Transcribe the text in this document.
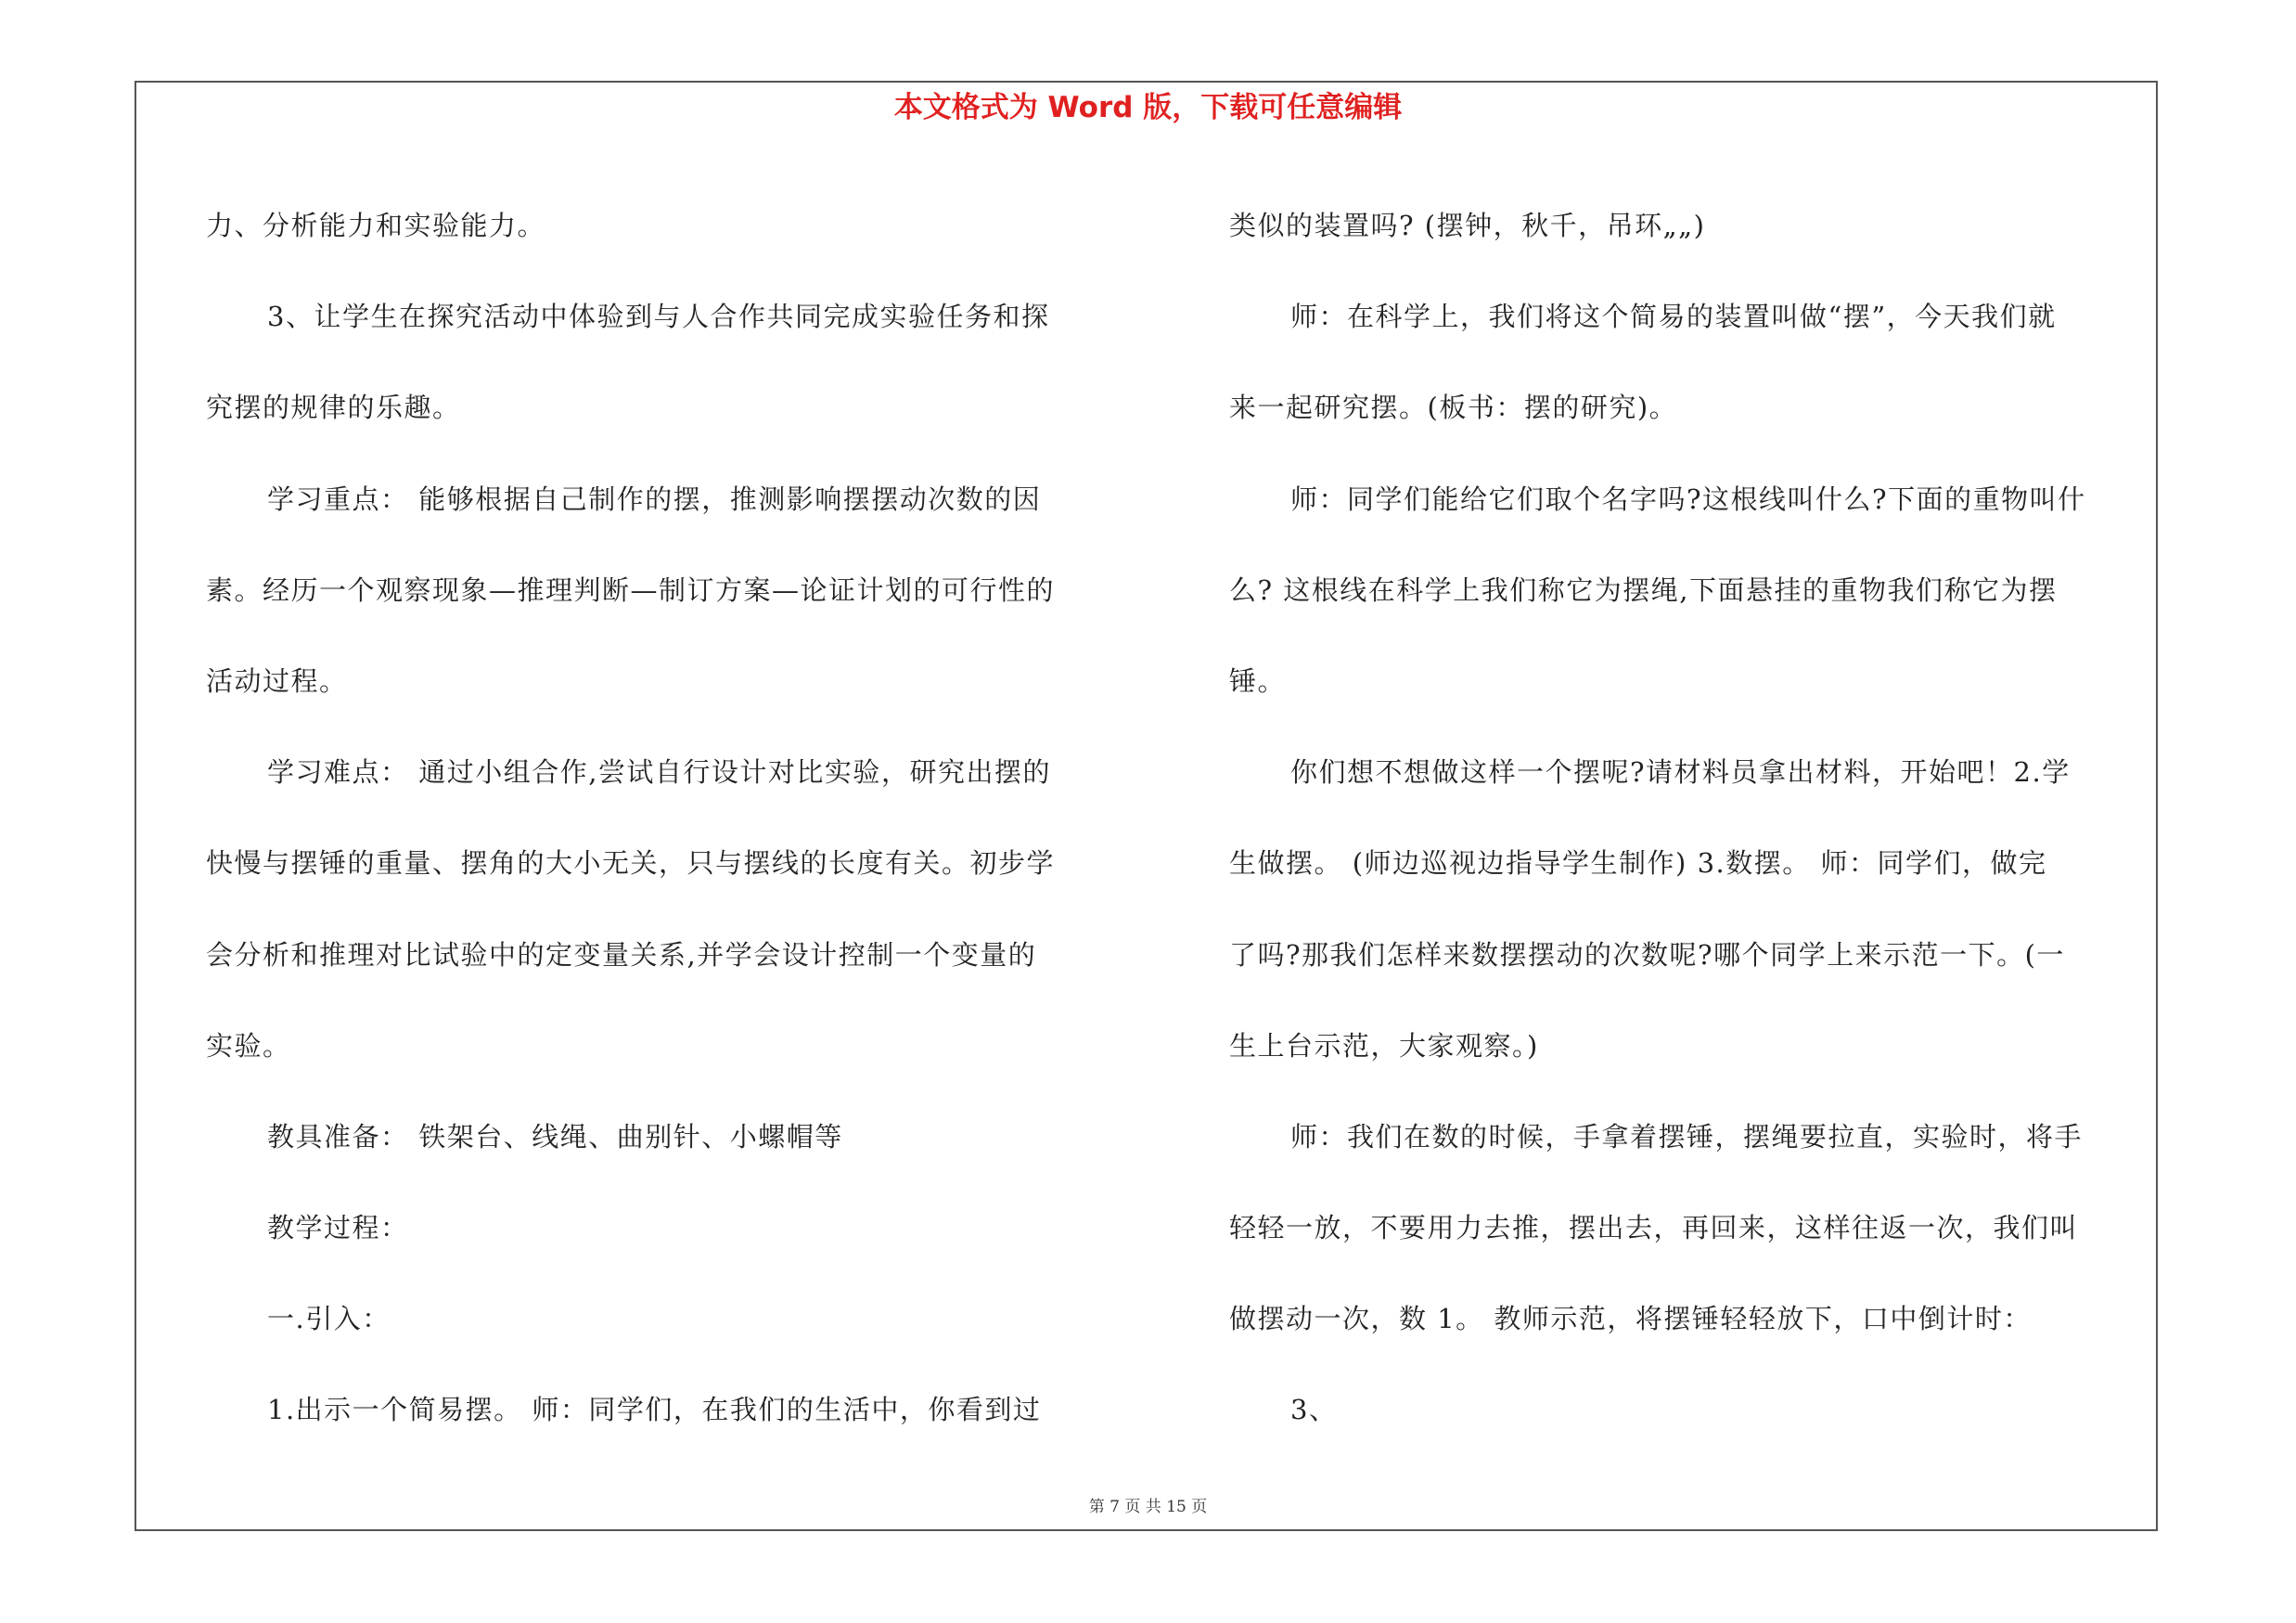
本文格式为 Word 版，下载可任意编辑
力、分析能力和实验能力。
3、让学生在探究活动中体验到与人合作共同完成实验任务和探
究摆的规律的乐趣。
学习重点： 能够根据自己制作的摆，推测影响摆摆动次数的因
素。经历一个观察现象—推理判断—制订方案—论证计划的可行性的
活动过程。
学习难点： 通过小组合作,尝试自行设计对比实验，研究出摆的
快慢与摆锤的重量、摆角的大小无关，只与摆线的长度有关。初步学
会分析和推理对比试验中的定变量关系,并学会设计控制一个变量的
实验。
教具准备： 铁架台、线绳、曲别针、小螺帽等
教学过程：
一.引入：
1.出示一个简易摆。 师：同学们，在我们的生活中，你看到过
类似的装置吗? (摆钟，秋千，吊环„„)
师：在科学上，我们将这个简易的装置叫做“摆”，今天我们就
来一起研究摆。(板书：摆的研究)。
师：同学们能给它们取个名字吗?这根线叫什么?下面的重物叫什
么? 这根线在科学上我们称它为摆绳,下面悬挂的重物我们称它为摆
锤。
你们想不想做这样一个摆呢?请材料员拿出材料，开始吧！2.学
生做摆。 (师边巡视边指导学生制作) 3.数摆。 师：同学们，做完
了吗?那我们怎样来数摆摆动的次数呢?哪个同学上来示范一下。(一
生上台示范，大家观察。)
师：我们在数的时候，手拿着摆锤，摆绳要拉直，实验时，将手
轻轻一放，不要用力去推，摆出去，再回来，这样往返一次，我们叫
做摆动一次，数 1。 教师示范，将摆锤轻轻放下，口中倒计时：
3、
第 7 页 共 15 页
